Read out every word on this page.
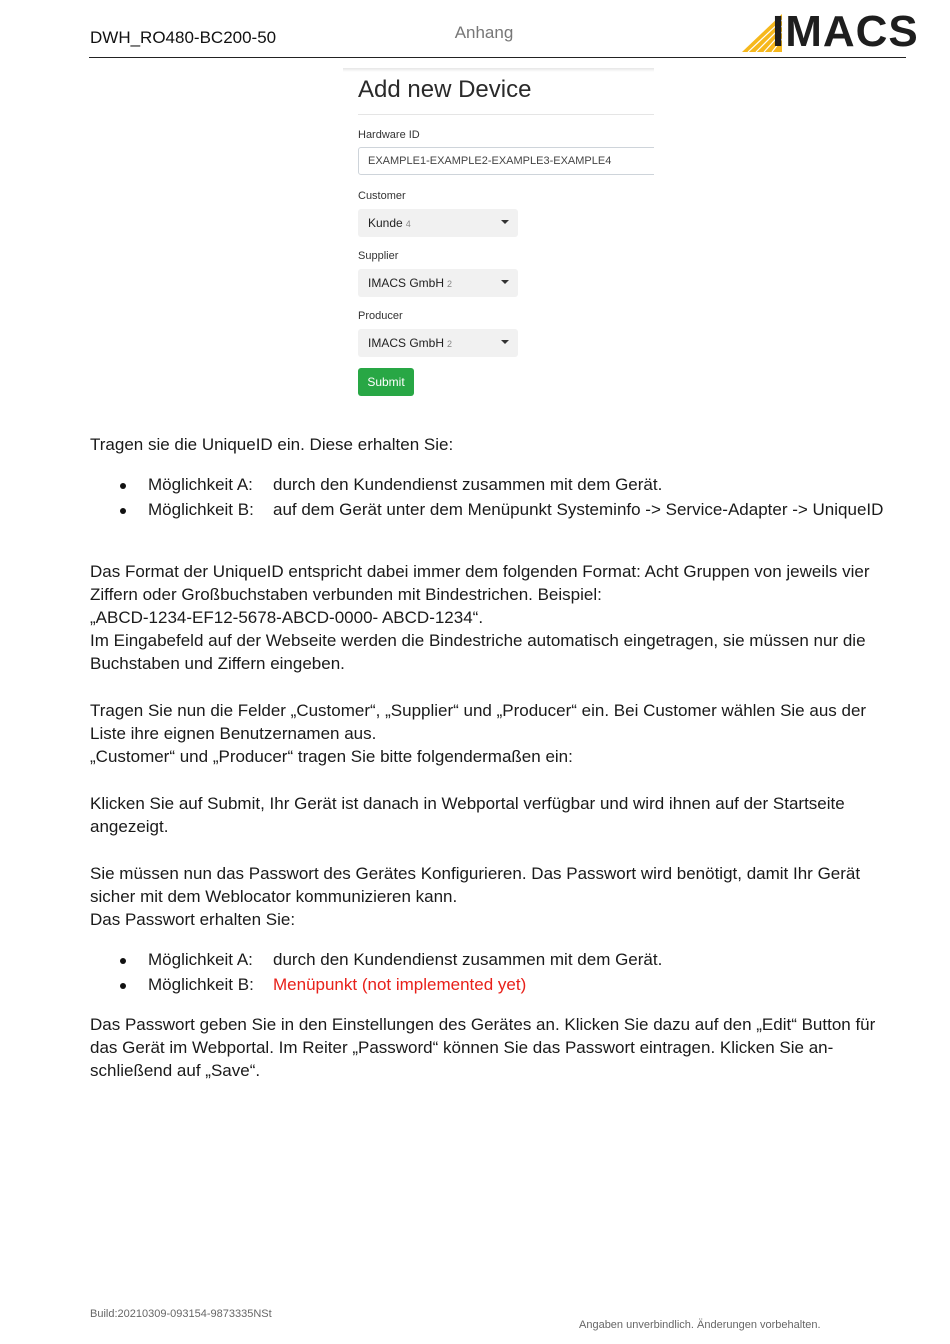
DWH_RO480-BC200-50	Anhang	IMACS
Add new Device
Hardware ID
EXAMPLE1-EXAMPLE2-EXAMPLE3-EXAMPLE4
Customer
Kunde 4
Supplier
IMACS GmbH 2
Producer
IMACS GmbH 2
Submit
Tragen sie die UniqueID ein. Diese erhalten Sie:
Möglichkeit A: durch den Kundendienst zusammen mit dem Gerät.
Möglichkeit B: auf dem Gerät unter dem Menüpunkt Systeminfo -> Service-Adapter -> UniqueID
Das Format der UniqueID entspricht dabei immer dem folgenden Format: Acht Gruppen von jeweils vier
Ziffern oder Großbuchstaben verbunden mit Bindestrichen. Beispiel:
„ABCD-1234-EF12-5678-ABCD-0000- ABCD-1234“.
Im Eingabefeld auf der Webseite werden die Bindestriche automatisch eingetragen, sie müssen nur die
Buchstaben und Ziffern eingeben.
Tragen Sie nun die Felder „Customer“, „Supplier“ und „Producer“ ein. Bei Customer wählen Sie aus der
Liste ihre eignen Benutzernamen aus.
„Customer“ und „Producer“ tragen Sie bitte folgendermaßen ein:
Klicken Sie auf Submit, Ihr Gerät ist danach in Webportal verfügbar und wird ihnen auf der Startseite
angezeigt.
Sie müssen nun das Passwort des Gerätes Konfigurieren. Das Passwort wird benötigt, damit Ihr Gerät
sicher mit dem Weblocator kommunizieren kann.
Das Passwort erhalten Sie:
Möglichkeit A: durch den Kundendienst zusammen mit dem Gerät.
Möglichkeit B: Menüpunkt (not implemented yet)
Das Passwort geben Sie in den Einstellungen des Gerätes an. Klicken Sie dazu auf den „Edit“ Button für
das Gerät im Webportal. Im Reiter „Password“ können Sie das Passwort eintragen. Klicken Sie an-
schließend auf „Save“.
Build:20210309-093154-9873335NSt
Angaben unverbindlich. Änderungen vorbehalten.
